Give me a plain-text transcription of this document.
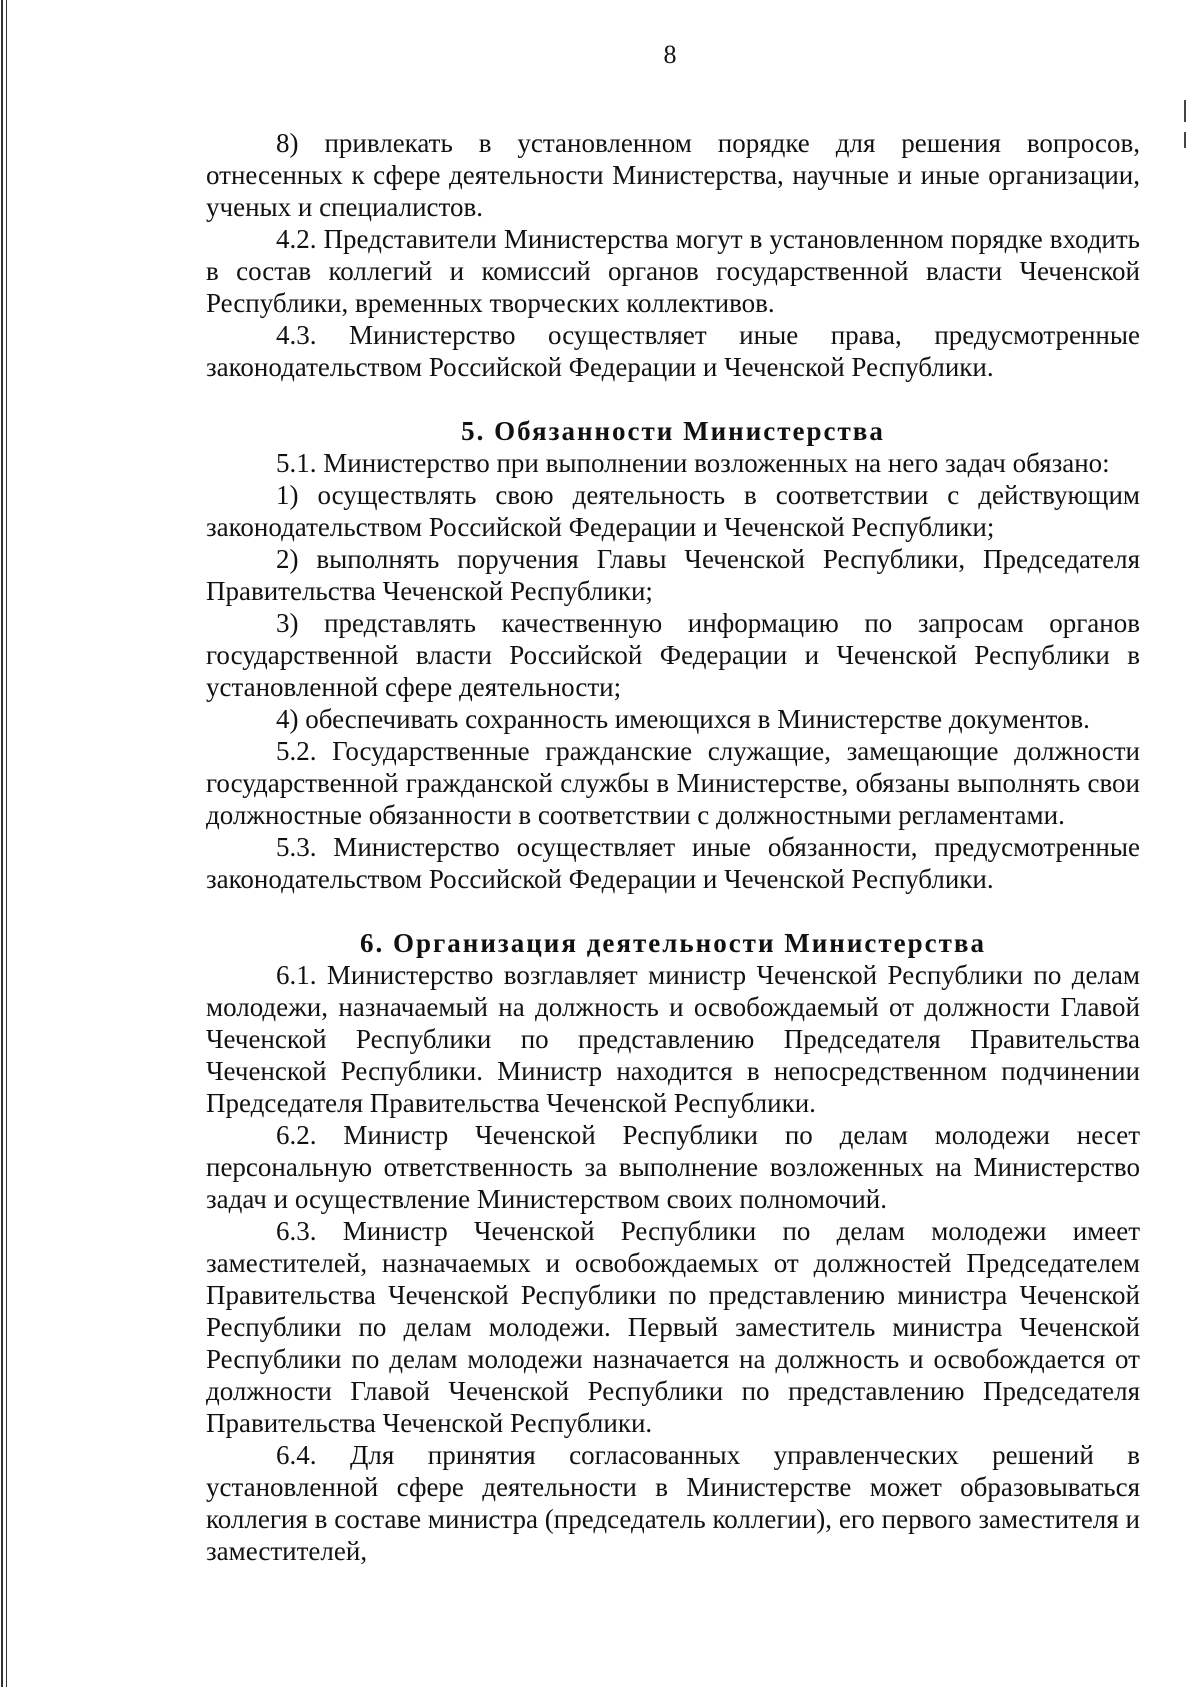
8

8) привлекать в установленном порядке для решения вопросов, отнесенных к сфере деятельности Министерства, научные и иные организации, ученых и специалистов.

4.2. Представители Министерства могут в установленном порядке входить в состав коллегий и комиссий органов государственной власти Чеченской Республики, временных творческих коллективов.

4.3. Министерство осуществляет иные права, предусмотренные законодательством Российской Федерации и Чеченской Республики.

5. Обязанности Министерства

5.1. Министерство при выполнении возложенных на него задач обязано:

1) осуществлять свою деятельность в соответствии с действующим законодательством Российской Федерации и Чеченской Республики;

2) выполнять поручения Главы Чеченской Республики, Председателя Правительства Чеченской Республики;

3) представлять качественную информацию по запросам органов государственной власти Российской Федерации и Чеченской Республики в установленной сфере деятельности;

4) обеспечивать сохранность имеющихся в Министерстве документов.

5.2. Государственные гражданские служащие, замещающие должности государственной гражданской службы в Министерстве, обязаны выполнять свои должностные обязанности в соответствии с должностными регламентами.

5.3. Министерство осуществляет иные обязанности, предусмотренные законодательством Российской Федерации и Чеченской Республики.

6. Организация деятельности Министерства

6.1. Министерство возглавляет министр Чеченской Республики по делам молодежи, назначаемый на должность и освобождаемый от должности Главой Чеченской Республики по представлению Председателя Правительства Чеченской Республики. Министр находится в непосредственном подчинении Председателя Правительства Чеченской Республики.

6.2. Министр Чеченской Республики по делам молодежи несет персональную ответственность за выполнение возложенных на Министерство задач и осуществление Министерством своих полномочий.

6.3. Министр Чеченской Республики по делам молодежи имеет заместителей, назначаемых и освобождаемых от должностей Председателем Правительства Чеченской Республики по представлению министра Чеченской Республики по делам молодежи. Первый заместитель министра Чеченской Республики по делам молодежи назначается на должность и освобождается от должности Главой Чеченской Республики по представлению Председателя Правительства Чеченской Республики.

6.4. Для принятия согласованных управленческих решений в установленной сфере деятельности в Министерстве может образовываться коллегия в составе министра (председатель коллегии), его первого заместителя и заместителей,
